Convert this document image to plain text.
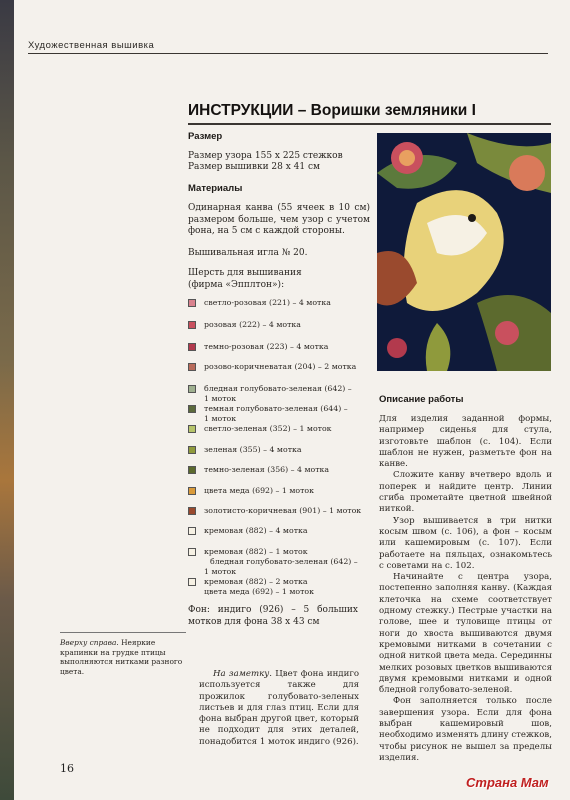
Художественная вышивка
ИНСТРУКЦИИ – Воришки земляники I
Размер
Размер узора 155 x 225 стежков
Размер вышивки 28 x 41 см
Материалы
Одинарная канва (55 ячеек в 10 см) размером больше, чем узор с учетом фона, на 5 см с каждой стороны.
Вышивальная игла № 20.
Шерсть для вышивания (фирма «Эпплтон»):
светло-розовая (221) – 4 мотка
розовая (222) – 4 мотка
темно-розовая (223) – 4 мотка
розово-коричневатая (204) – 2 мотка
бледная голубовато-зеленая (642) –
1 моток
темная голубовато-зеленая (644) –
1 моток
светло-зеленая (352) – 1 моток
зеленая (355) – 4 мотка
темно-зеленая (356) – 4 мотка
цвета меда (692) – 1 моток
золотисто-коричневая (901) – 1 моток
кремовая (882) – 4 мотка
кремовая (882) – 1 моток
бледная голубовато-зеленая (642) –
1 моток
кремовая (882) – 2 мотка
цвета меда (692) – 1 моток
Фон: индиго (926) – 5 больших мотков для фона 38 x 43 см
Вверху справа. Неяркие крапинки на грудке птицы выполняются нитками разного цвета.	На заметку. Цвет фона индиго используется также для прожилок голубовато-зеленых листьев и для глаз птиц. Если для фона выбран другой цвет, который не подходит для этих деталей, понадобится 1 моток индиго (926).

Описание работы

Для изделия заданной формы, например сиденья для стула, изготовьте шаблон (с. 104). Если шаблон не нужен, разметьте фон на канве.

Сложите канву вчетверо вдоль и поперек и найдите центр. Линии сгиба прометайте цветной швейной ниткой.

Узор вышивается в три нитки косым швом (с. 106), а фон – косым или кашемировым (с. 107). Если работаете на пяльцах, ознакомьтесь с советами на с. 102.

Начинайте с центра узора, постепенно заполняя канву. (Каждая клеточка на схеме соответствует одному стежку.) Пестрые участки на голове, шее и туловище птицы от ноги до хвоста вышиваются двумя кремовыми нитками в сочетании с одной ниткой цвета меда. Серединны мелких розовых цветков вышиваются двумя кремовыми нитками и одной бледной голубовато-зеленой.

Фон заполняется только после завершения узора. Если для фона выбран кашемировый шов, необходимо изменять длину стежков, чтобы рисунок не вышел за пределы изделия.

16
Страна Мам
